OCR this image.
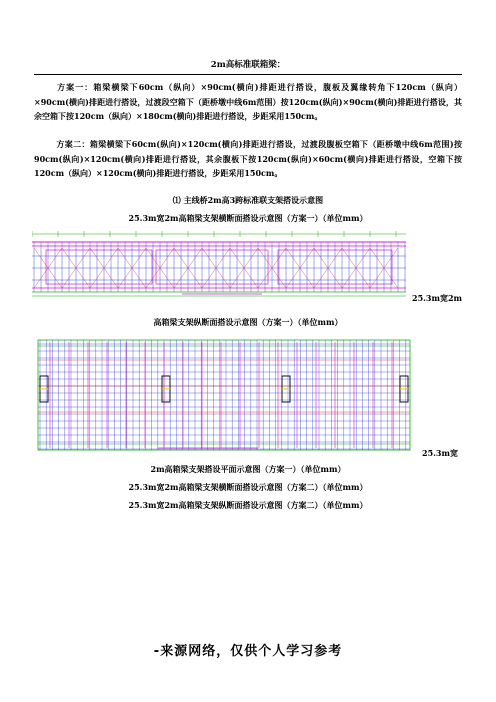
2m高标准联箱梁：
方案一：箱梁横梁下60cm（纵向）×90cm(横向)排距进行搭设，腹板及翼缘转角下120cm（纵向）×90cm(横向)排距进行搭设，过渡段空箱下（距桥墩中线6m范围）按120cm(纵向)×90cm(横向)排距进行搭设，其余空箱下按120cm（纵向）×180cm(横向)排距进行搭设，步距采用150cm。
方案二：箱梁横梁下60cm(纵向)×120cm(横向)排距进行搭设，过渡段腹板空箱下（距桥墩中线6m范围)按90cm(纵向)×120cm(横向)排距进行搭设，其余腹板下按120cm(纵向)×60cm(横向)排距进行搭设，空箱下按120cm（纵向）×120cm(横向)排距进行搭设，步距采用150cm。
⑴ 主线桥2m高3跨标准联支架搭设示意图
25.3m宽2m高箱梁支架横断面搭设示意图（方案一）（单位mm）
25.3m宽2m
高箱梁支架纵断面搭设示意图（方案一）（单位mm）
25.3m宽
2m高箱梁支架搭设平面示意图（方案一）（单位mm）
25.3m宽2m高箱梁支架横断面搭设示意图（方案二）（单位mm）
25.3m宽2m高箱梁支架纵断面搭设示意图（方案二）（单位mm）
-来源网络，仅供个人学习参考
